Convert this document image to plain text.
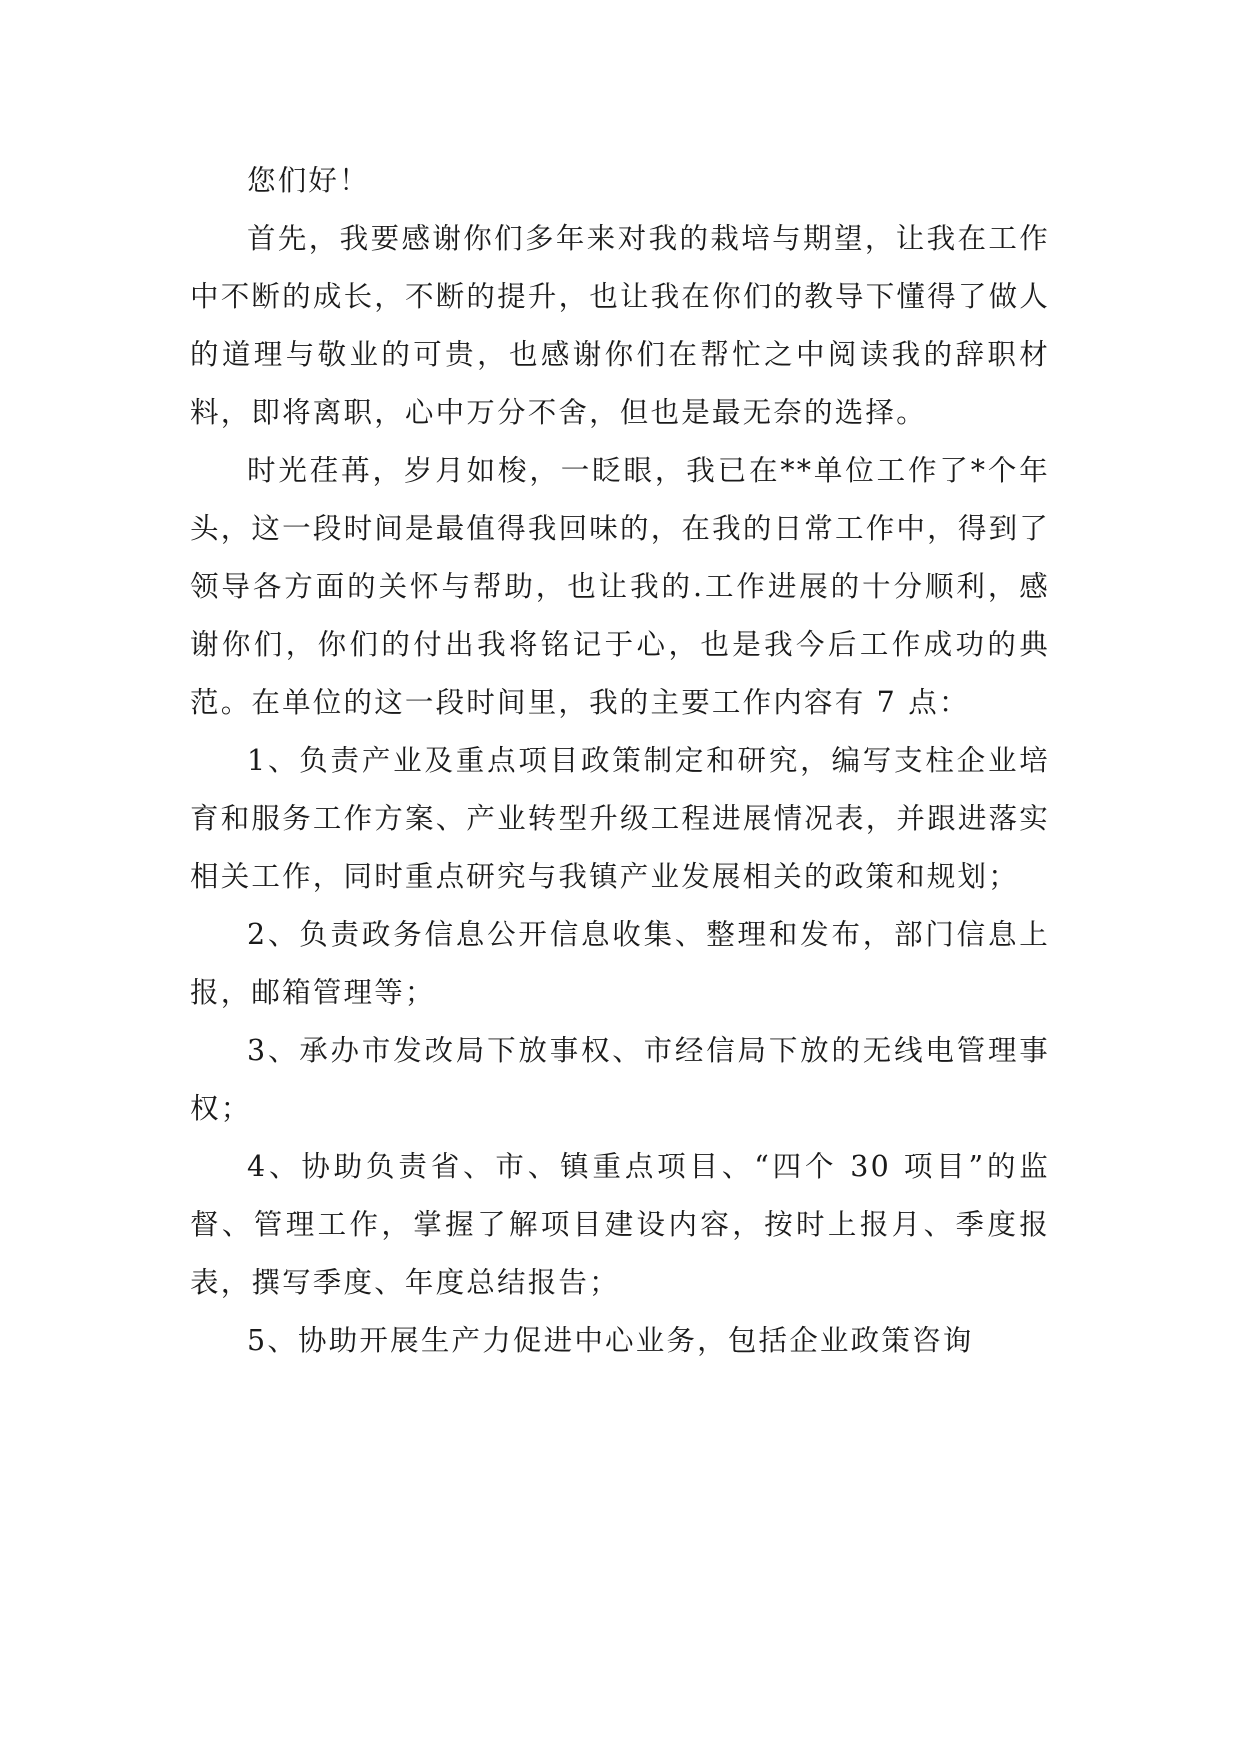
您们好！

首先，我要感谢你们多年来对我的栽培与期望，让我在工作中不断的成长，不断的提升，也让我在你们的教导下懂得了做人的道理与敬业的可贵，也感谢你们在帮忙之中阅读我的辞职材料，即将离职，心中万分不舍，但也是最无奈的选择。

时光荏苒，岁月如梭，一眨眼，我已在**单位工作了*个年头，这一段时间是最值得我回味的，在我的日常工作中，得到了领导各方面的关怀与帮助，也让我的.工作进展的十分顺利，感谢你们，你们的付出我将铭记于心，也是我今后工作成功的典范。在单位的这一段时间里，我的主要工作内容有 7 点：

1、负责产业及重点项目政策制定和研究，编写支柱企业培育和服务工作方案、产业转型升级工程进展情况表，并跟进落实相关工作，同时重点研究与我镇产业发展相关的政策和规划；

2、负责政务信息公开信息收集、整理和发布，部门信息上报，邮箱管理等；

3、承办市发改局下放事权、市经信局下放的无线电管理事权；

4、协助负责省、市、镇重点项目、“四个 30 项目”的监督、管理工作，掌握了解项目建设内容，按时上报月、季度报表，撰写季度、年度总结报告；

5、协助开展生产力促进中心业务，包括企业政策咨询
